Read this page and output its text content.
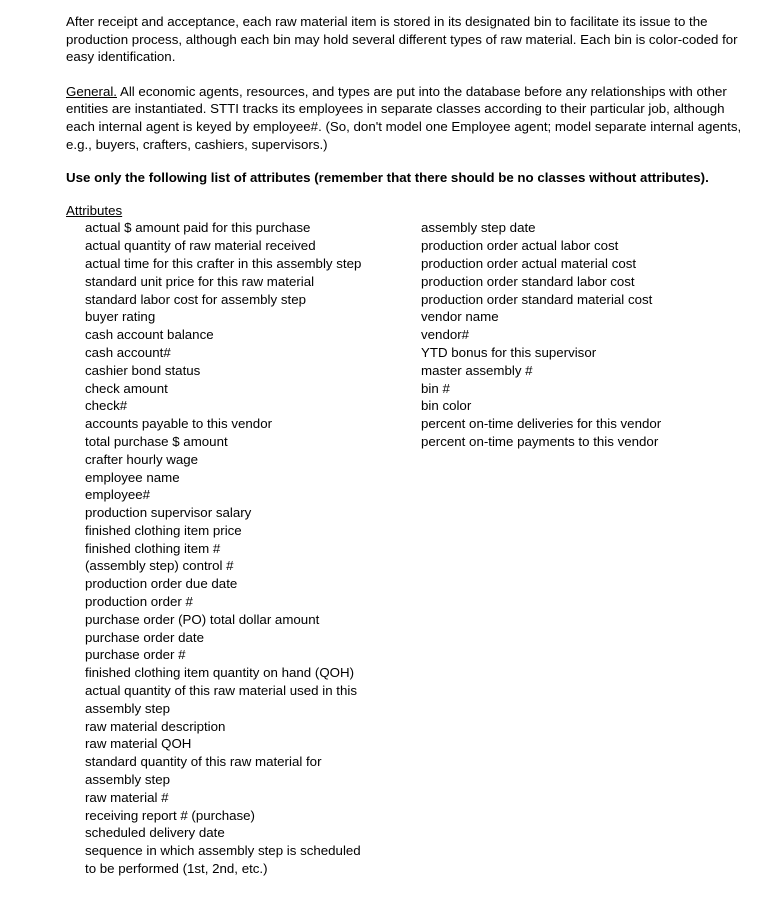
After receipt and acceptance, each raw material item is stored in its designated bin to facilitate its issue to the production process, although each bin may hold several different types of raw material. Each bin is color-coded for easy identification.

General. All economic agents, resources, and types are put into the database before any relationships with other entities are instantiated. STTI tracks its employees in separate classes according to their particular job, although each internal agent is keyed by employee#. (So, don't model one Employee agent; model separate internal agents, e.g., buyers, crafters, cashiers, supervisors.)

Use only the following list of attributes (remember that there should be no classes without attributes).

Attributes
actual $ amount paid for this purchase
actual quantity of raw material received
actual time for this crafter in this assembly step
standard unit price for this raw material
standard labor cost for assembly step
buyer rating
cash account balance
cash account#
cashier bond status
check amount
check#
accounts payable to this vendor
total purchase $ amount
crafter hourly wage
employee name
employee#
production supervisor salary
finished clothing item price
finished clothing item #
(assembly step) control #
production order due date
production order #
purchase order (PO) total dollar amount
purchase order date
purchase order #
finished clothing item quantity on hand (QOH)
actual quantity of this raw material used in this
assembly step
raw material description
raw material QOH
standard quantity of this raw material for
assembly step
raw material #
receiving report # (purchase)
scheduled delivery date
sequence in which assembly step is scheduled
to be performed (1st, 2nd, etc.)
assembly step date
production order actual labor cost
production order actual material cost
production order standard labor cost
production order standard material cost
vendor name
vendor#
YTD bonus for this supervisor
master assembly #
bin #
bin color
percent on-time deliveries for this vendor
percent on-time payments to this vendor
